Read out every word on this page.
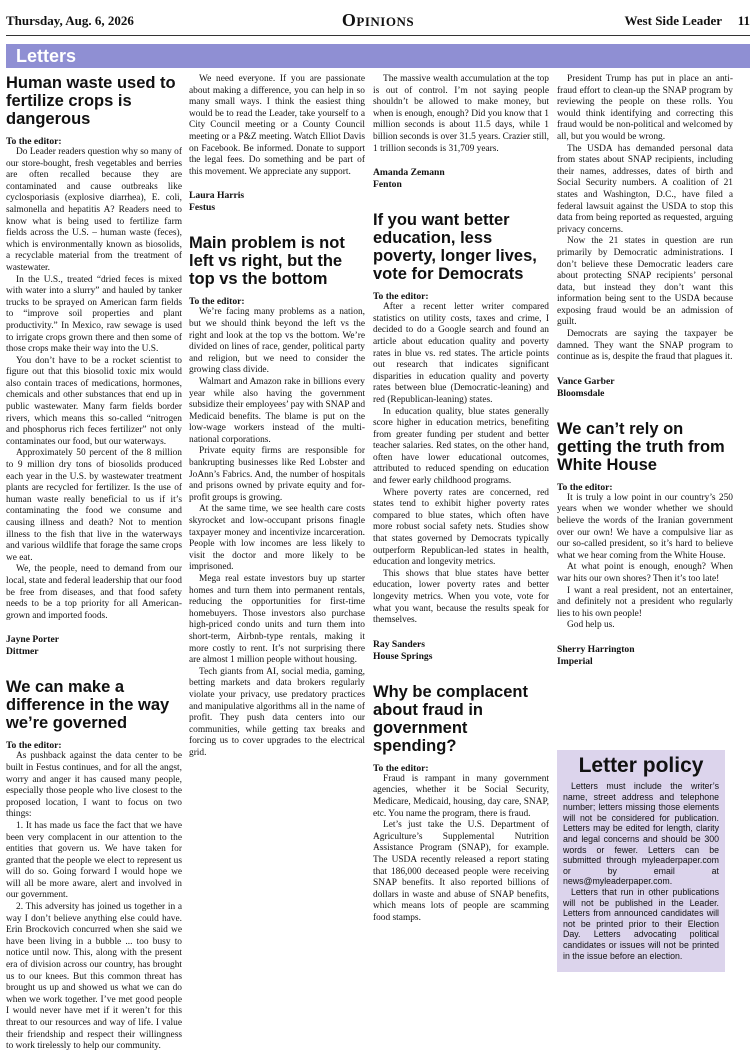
Thursday, Aug. 6, 2026	Opinions	West Side Leader 11
Letters
Human waste used to fertilize crops is dangerous

To the editor:

Do Leader readers question why so many of our store-bought, fresh vegetables and berries are often recalled because they are contaminated and cause outbreaks like cyclosporiasis (explosive diarrhea), E. coli, salmonella and hepatitis A? Readers need to know what is being used to fertilize farm fields across the U.S. – human waste (feces), which is environmentally known as biosolids, a recyclable material from the treatment of wastewater.

In the U.S., treated “dried feces is mixed with water into a slurry” and hauled by tanker trucks to be sprayed on American farm fields to “improve soil properties and plant productivity.” In Mexico, raw sewage is used to irrigate crops grown there and then some of those crops make their way into the U.S.

You don’t have to be a rocket scientist to figure out that this biosolid toxic mix would also contain traces of medications, hormones, chemicals and other substances that end up in public wastewater. Many farm fields border rivers, which means this so-called “nitrogen and phosphorus rich feces fertilizer” not only contaminates our food, but our waterways.

Approximately 50 percent of the 8 million to 9 million dry tons of biosolids produced each year in the U.S. by wastewater treatment plants are recycled for fertilizer. Is the use of human waste really beneficial to us if it’s contaminating the food we consume and causing illness and death? Not to mention illness to the fish that live in the waterways and various wildlife that forage the same crops we eat.

We, the people, need to demand from our local, state and federal leadership that our food be free from diseases, and that food safety needs to be a top priority for all American-grown and imported foods.

Jayne Porter

Dittmer

We can make a difference in the way we’re governed

To the editor:

As pushback against the data center to be built in Festus continues, and for all the angst, worry and anger it has caused many people, especially those people who live closest to the proposed location, I want to focus on two things:

1. It has made us face the fact that we have been very complacent in our attention to the entities that govern us. We have taken for granted that the people we elect to represent us will do so. Going forward I would hope we will all be more aware, alert and involved in our government.

2. This adversity has joined us together in a way I don’t believe anything else could have. Erin Brockovich concurred when she said we have been living in a bubble ... too busy to notice until now. This, along with the present era of division across our country, has brought us to our knees. But this common threat has brought us up and showed us what we can do when we work together. I’ve met good people I would never have met if it weren’t for this threat to our resources and way of life. I value their friendship and respect their willingness to work tirelessly to help our community.

We need everyone. If you are passionate about making a difference, you can help in so many small ways. I think the easiest thing would be to read the Leader, take yourself to a City Council meeting or a County Council meeting or a P&Z meeting. Watch Elliot Davis on Facebook. Be informed. Donate to support the legal fees. Do something and be part of this movement. We appreciate any support.

Laura Harris

Festus

Main problem is not left vs right, but the top vs the bottom

To the editor:

We’re facing many problems as a nation, but we should think beyond the left vs the right and look at the top vs the bottom. We’re divided on lines of race, gender, political party and religion, but we need to consider the growing class divide.

Walmart and Amazon rake in billions every year while also having the government subsidize their employees’ pay with SNAP and Medicaid benefits. The blame is put on the low-wage workers instead of the multi-national corporations.

Private equity firms are responsible for bankrupting businesses like Red Lobster and JoAnn’s Fabrics. And, the number of hospitals and prisons owned by private equity and for-profit groups is growing.

At the same time, we see health care costs skyrocket and low-occupant prisons finagle taxpayer money and incentivize incarceration. People with low incomes are less likely to visit the doctor and more likely to be imprisoned.

Mega real estate investors buy up starter homes and turn them into permanent rentals, reducing the opportunities for first-time homebuyers. Those investors also purchase high-priced condo units and turn them into short-term, Airbnb-type rentals, making it more costly to rent. It’s not surprising there are almost 1 million people without housing.

Tech giants from AI, social media, gaming, betting markets and data brokers regularly violate your privacy, use predatory practices and manipulative algorithms all in the name of profit. They push data centers into our communities, while getting tax breaks and forcing us to cover upgrades to the electrical grid.

The massive wealth accumulation at the top is out of control. I’m not saying people shouldn’t be allowed to make money, but when is enough, enough? Did you know that 1 million seconds is about 11.5 days, while 1 billion seconds is over 31.5 years. Crazier still, 1 trillion seconds is 31,709 years.

Amanda Zemann

Fenton

If you want better education, less poverty, longer lives, vote for Democrats

To the editor:

After a recent letter writer compared statistics on utility costs, taxes and crime, I decided to do a Google search and found an article about education quality and poverty rates in blue vs. red states. The article points out research that indicates significant disparities in education quality and poverty rates between blue (Democratic-leaning) and red (Republican-leaning) states.

In education quality, blue states generally score higher in education metrics, benefiting from greater funding per student and better teacher salaries. Red states, on the other hand, often have lower educational outcomes, attributed to reduced spending on education and fewer early childhood programs.

Where poverty rates are concerned, red states tend to exhibit higher poverty rates compared to blue states, which often have more robust social safety nets. Studies show that states governed by Democrats typically outperform Republican-led states in health, education and longevity metrics.

This shows that blue states have better education, lower poverty rates and better longevity metrics. When you vote, vote for what you want, because the results speak for themselves.

Ray Sanders

House Springs

Why be complacent about fraud in government spending?

To the editor:

Fraud is rampant in many government agencies, whether it be Social Security, Medicare, Medicaid, housing, day care, SNAP, etc. You name the program, there is fraud.

Let’s just take the U.S. Department of Agriculture’s Supplemental Nutrition Assistance Program (SNAP), for example. The USDA recently released a report stating that 186,000 deceased people were receiving SNAP benefits. It also reported billions of dollars in waste and abuse of SNAP benefits, which means lots of people are scamming food stamps.

President Trump has put in place an anti-fraud effort to clean-up the SNAP program by reviewing the people on these rolls. You would think identifying and correcting this fraud would be non-political and welcomed by all, but you would be wrong.

The USDA has demanded personal data from states about SNAP recipients, including their names, addresses, dates of birth and Social Security numbers. A coalition of 21 states and Washington, D.C., have filed a federal lawsuit against the USDA to stop this data from being reported as requested, arguing privacy concerns.

Now the 21 states in question are run primarily by Democratic administrations. I don’t believe these Democratic leaders care about protecting SNAP recipients’ personal data, but instead they don’t want this information being sent to the USDA because exposing fraud would be an admission of guilt.

Democrats are saying the taxpayer be damned. They want the SNAP program to continue as is, despite the fraud that plagues it.

Vance Garber

Bloomsdale

We can’t rely on getting the truth from White House

To the editor:

It is truly a low point in our country’s 250 years when we wonder whether we should believe the words of the Iranian government over our own! We have a compulsive liar as our so-called president, so it’s hard to believe what we hear coming from the White House.

At what point is enough, enough? When war hits our own shores? Then it’s too late!

I want a real president, not an entertainer, and definitely not a president who regularly lies to his own people!

God help us.

Sherry Harrington

Imperial

Letter policy

Letters must include the writer’s name, street address and telephone number; letters missing those elements will not be considered for publication. Letters may be edited for length, clarity and legal concerns and should be 300 words or fewer. Letters can be submitted through myleaderpaper.com or by email at news@myleaderpaper.com.

Letters that run in other publications will not be published in the Leader. Letters from announced candidates will not be printed prior to their Election Day. Letters advocating political candidates or issues will not be printed in the issue before an election.
